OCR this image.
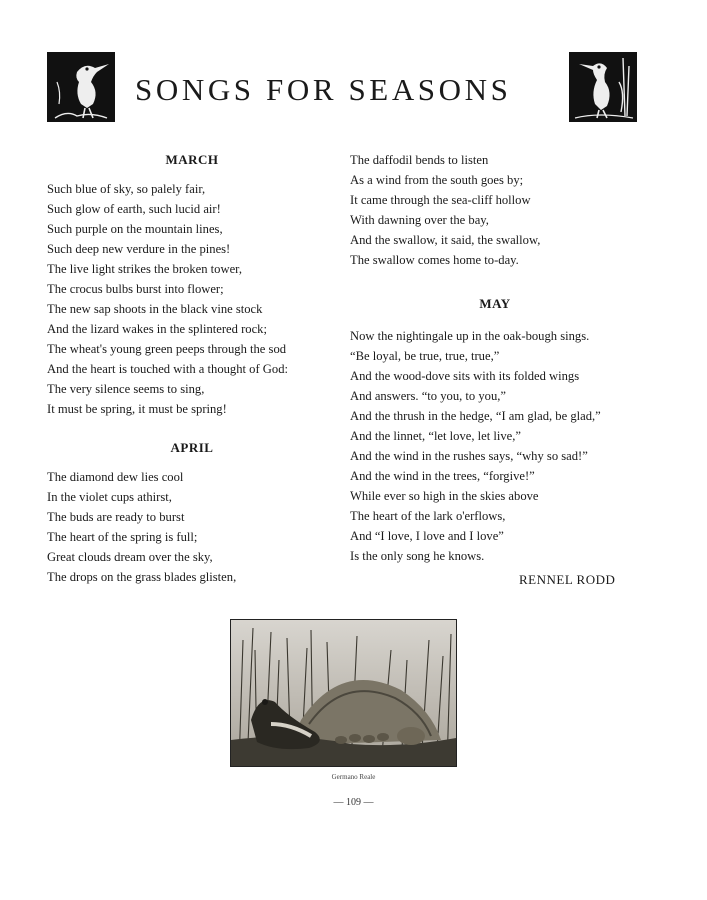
SONGS FOR SEASONS
MARCH
Such blue of sky, so palely fair,
Such glow of earth, such lucid air!
Such purple on the mountain lines,
Such deep new verdure in the pines!
The live light strikes the broken tower,
The crocus bulbs burst into flower;
The new sap shoots in the black vine stock
And the lizard wakes in the splintered rock;
The wheat's young green peeps through the sod
And the heart is touched with a thought of God:
The very silence seems to sing,
It must be spring, it must be spring!
APRIL
The diamond dew lies cool
In the violet cups athirst,
The buds are ready to burst
The heart of the spring is full;
Great clouds dream over the sky,
The drops on the grass blades glisten,
The daffodil bends to listen
As a wind from the south goes by;
It came through the sea-cliff hollow
With dawning over the bay,
And the swallow, it said, the swallow,
The swallow comes home to-day.
MAY
Now the nightingale up in the oak-bough sings.
“Be loyal, be true, true, true,”
And the wood-dove sits with its folded wings
And answers. “to you, to you,”
And the thrush in the hedge, “I am glad, be glad,”
And the linnet, “let love, let live,”
And the wind in the rushes says, “why so sad!”
And the wind in the trees, “forgive!”
While ever so high in the skies above
The heart of the lark o'erflows,
And “I love, I love and I love”
Is the only song he knows.
RENNEL RODD
Germano Reale
— 109 —
